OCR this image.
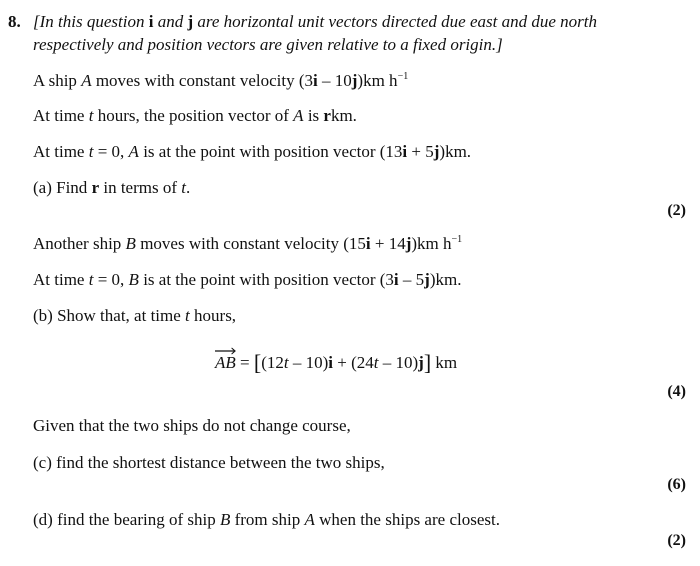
8. [In this question i and j are horizontal unit vectors directed due east and due north
respectively and position vectors are given relative to a fixed origin.]
A ship A moves with constant velocity (3i – 10j)km $h^{-1}$
At time t hours, the position vector of A is rkm.
At time t = 0, A is at the point with position vector (13i + 5j)km.
(a) Find r in terms of t.
(2)
Another ship B moves with constant velocity (15i + 14j)km $h^{-1}$
At time t = 0, B is at the point with position vector (3i – 5j)km.
(b) Show that, at time t hours,
AB = [(12t – 10)i + (24t – 10)j] km
(4)
Given that the two ships do not change course,
(c) find the shortest distance between the two ships,
(6)
(d) find the bearing of ship B from ship A when the ships are closest.
(2)
